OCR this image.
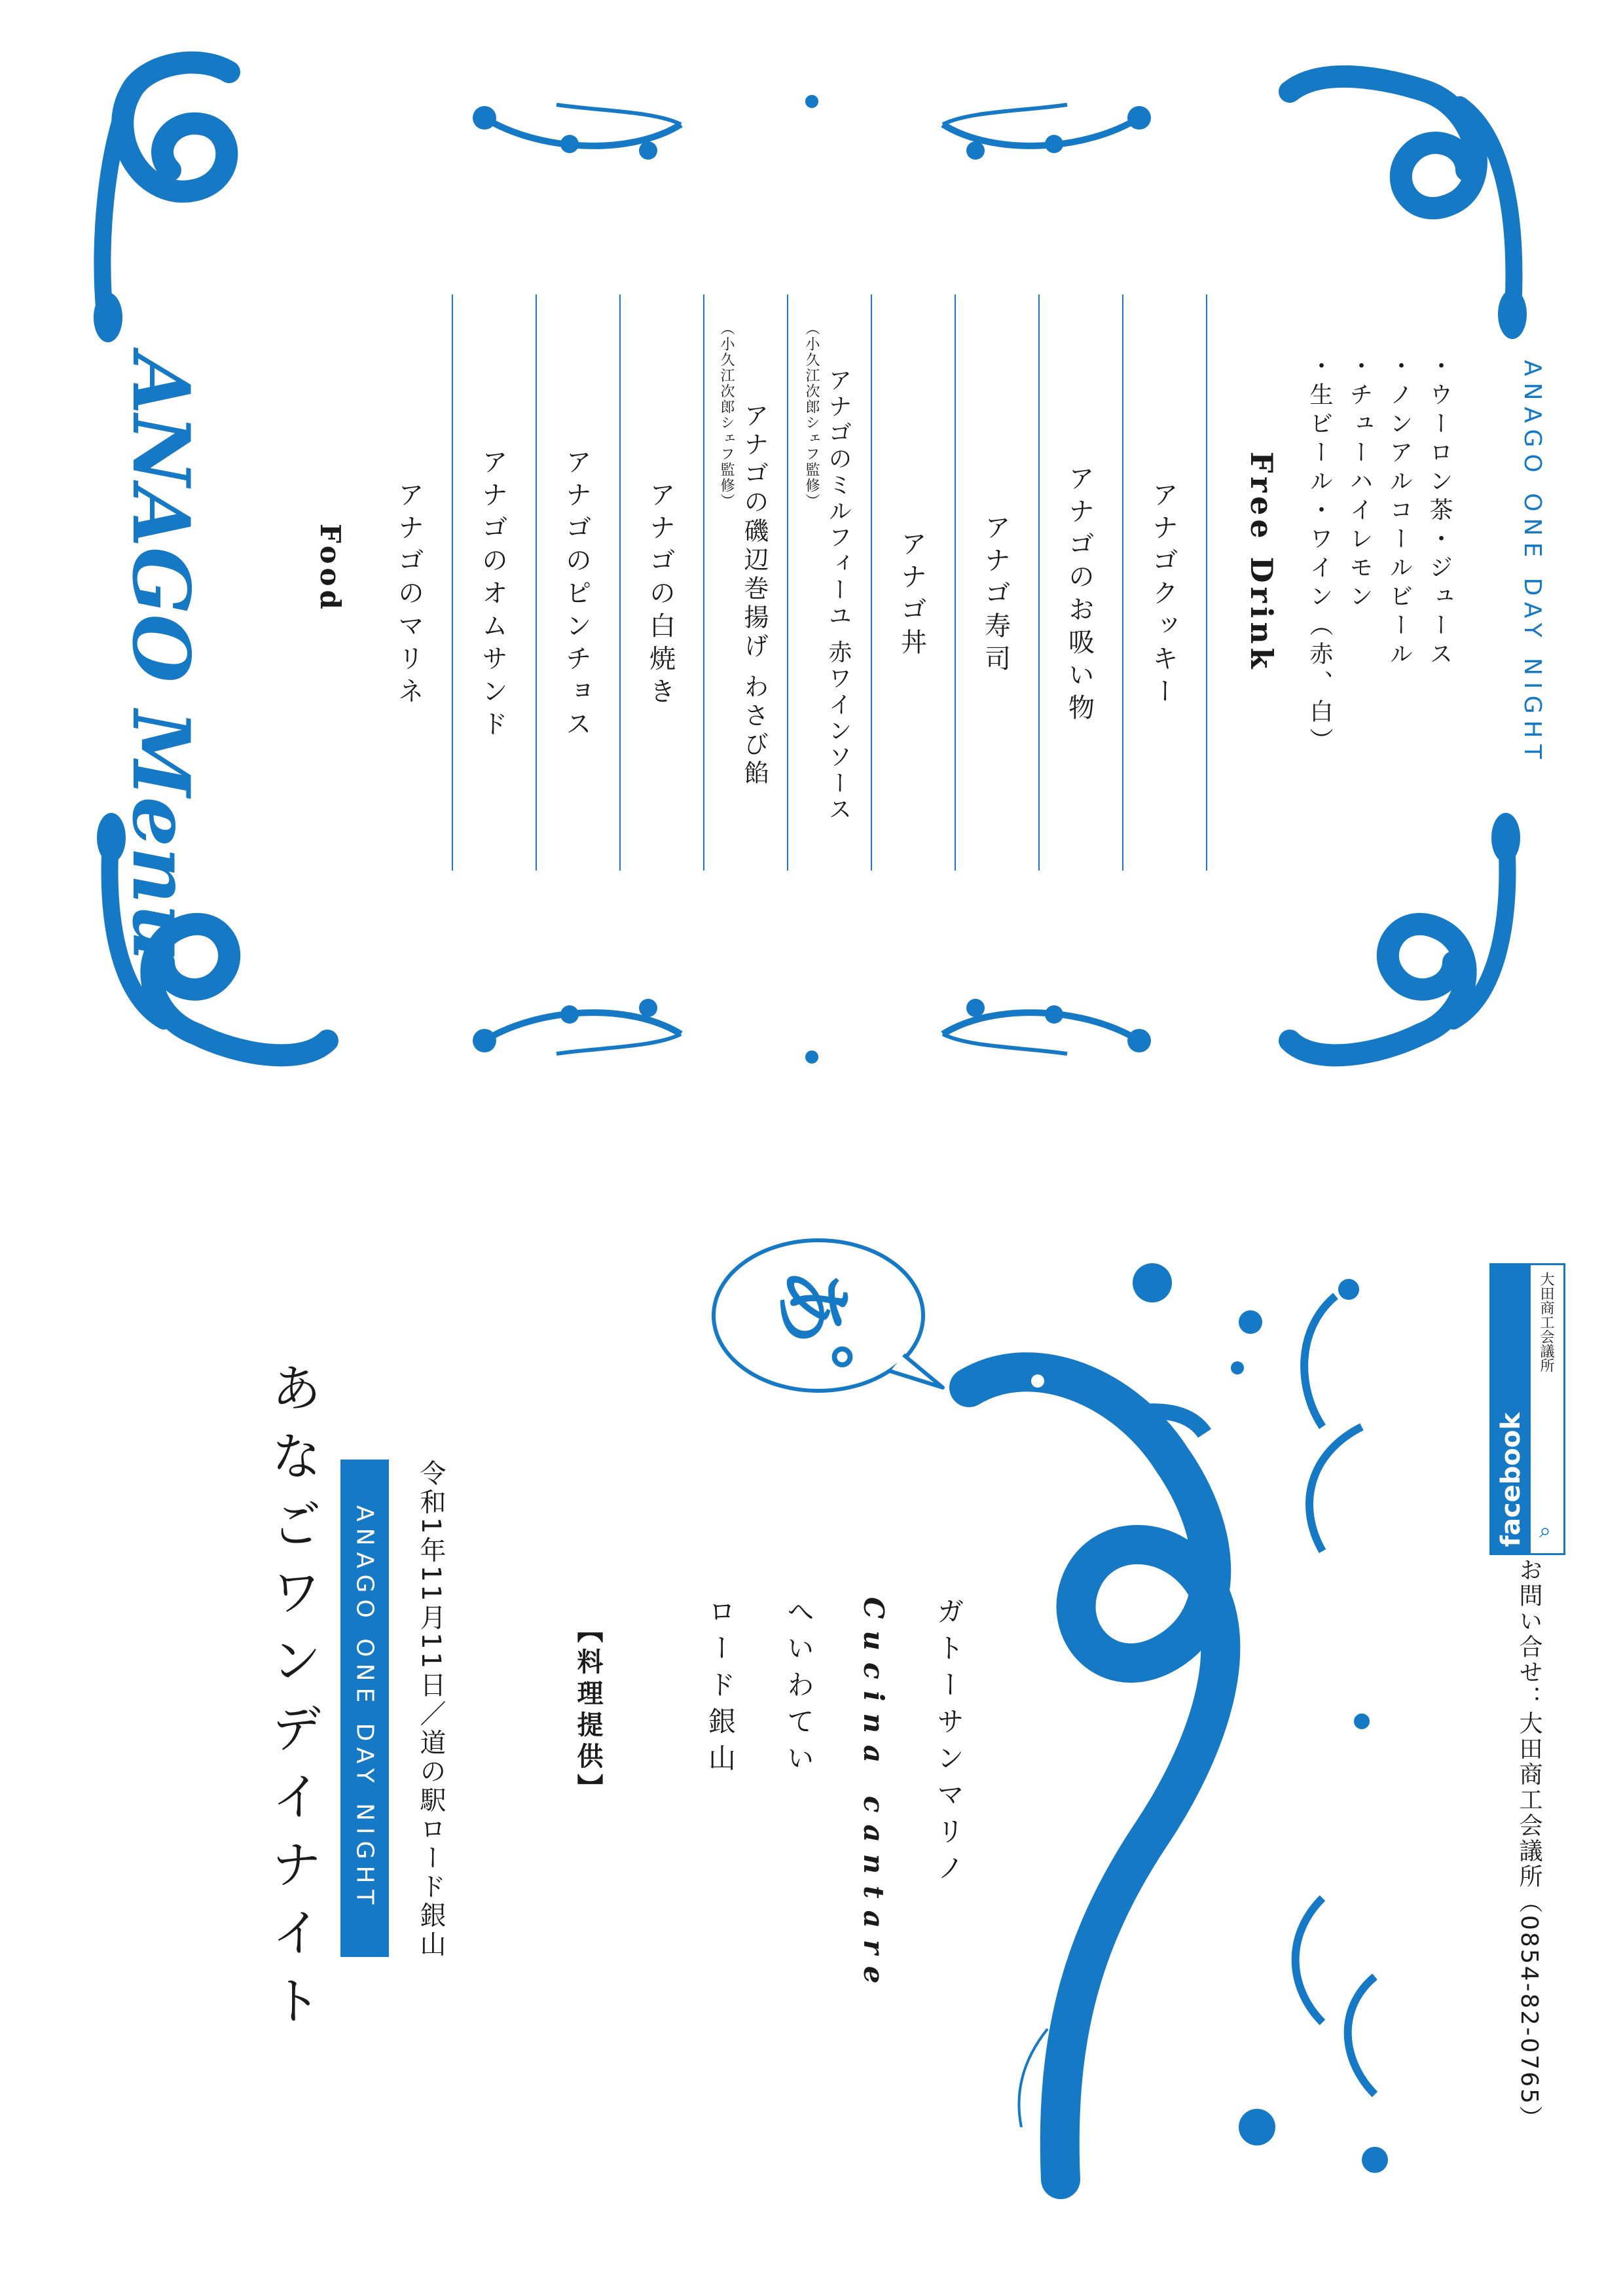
ANAGO Menu	Food アナゴのマリネ アナゴのオムサンド アナゴのピンチョス アナゴの白焼き	アナゴの磯辺巻揚げ わさび餡
（小久江次郎シェフ監修）	アナゴのミルフィーユ 赤ワインソース
（小久江次郎シェフ監修）
アナゴ丼 アナゴ寿司 アナゴのお吸い物 アナゴクッキー Free Drink ・生ビール・ワイン（赤、白） ・チューハイレモン ・ノンアルコールビール ・ウーロン茶・ジュース	ANAGO ONE DAY NIGHT
あなごワンデイナイト	ANAGO ONE DAY NIGHT 令和1年11月11日／道の駅ロード銀山	【料理提供】	ロード銀山 へいわてい Cucina cantare ガトーサンマリノ
あ゜
facebook
大田商工会議所
⌕
お問い合せ：大田商工会議所（0854-82-0765）
